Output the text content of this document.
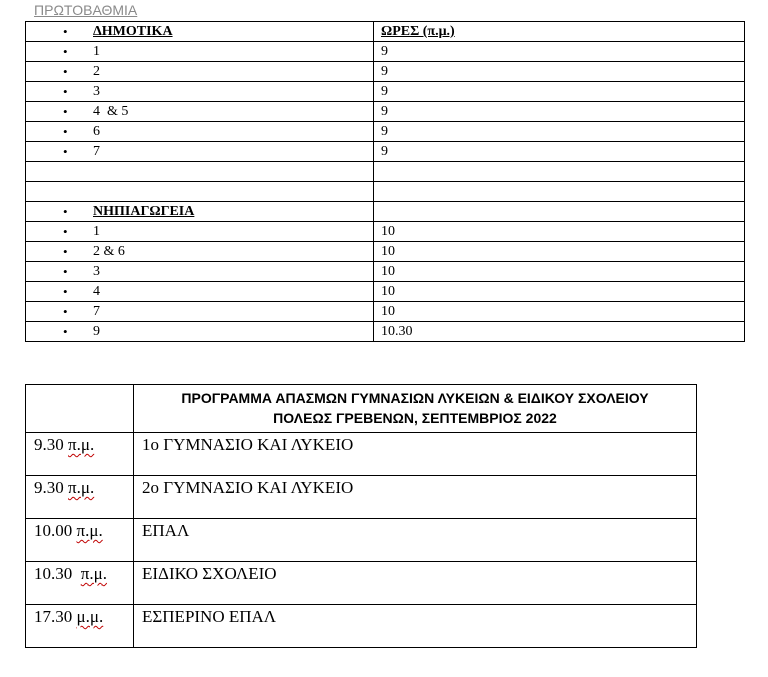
ΠΡΩΤΟΒΑΘΜΙΑ
• ΔΗΜΟΤΙΚΑ	ΩΡΕΣ (π.μ.)

• 1	9

• 2	9

• 3	9

• 4  & 5	9

• 6	9

• 7	9

• ΝΗΠΙΑΓΩΓΕΙΑ	

• 1	10

• 2 & 6	10

• 3	10

• 4	10

• 7	10

• 9	10.30

	ΠΡΟΓΡΑΜΜΑ ΑΠΑΣΜΩΝ ΓΥΜΝΑΣΙΩΝ ΛΥΚΕΙΩΝ & ΕΙΔΙΚΟΥ ΣΧΟΛΕΙΟΥ
ΠΟΛΕΩΣ ΓΡΕΒΕΝΩΝ, ΣΕΠΤΕΜΒΡΙΟΣ 2022

9.30 π.μ.	1ο ΓΥΜΝΑΣΙΟ ΚΑΙ ΛΥΚΕΙΟ
9.30 π.μ.	2ο ΓΥΜΝΑΣΙΟ ΚΑΙ ΛΥΚΕΙΟ
10.00 π.μ.	ΕΠΑΛ
10.30  π.μ.	ΕΙΔΙΚΟ ΣΧΟΛΕΙΟ
17.30 μ.μ.	ΕΣΠΕΡΙΝΟ ΕΠΑΛ
